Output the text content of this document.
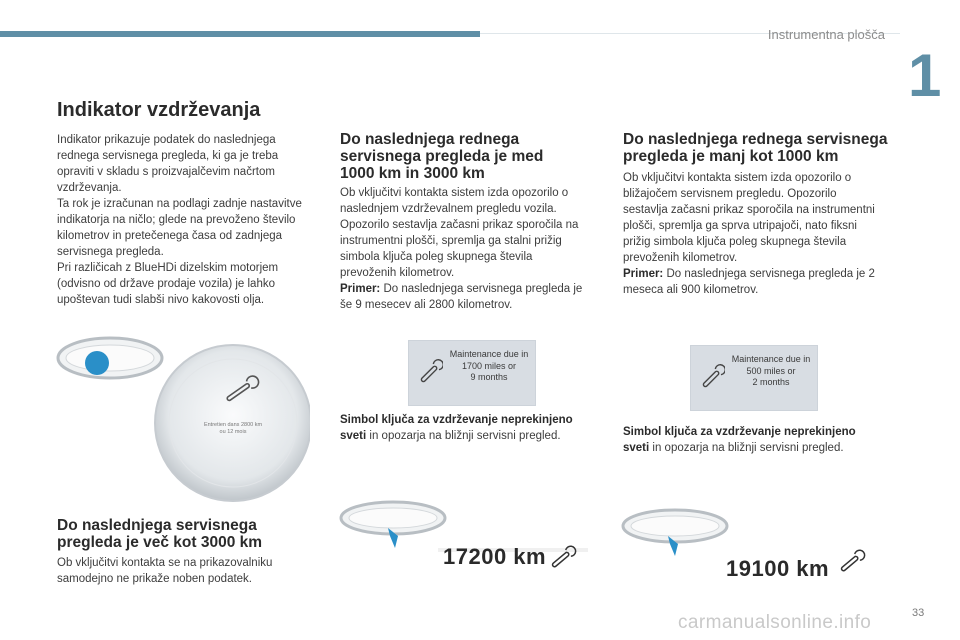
Instrumentna plošča
1
33
carmanualsonline.info
Indikator vzdrževanja

Indikator prikazuje podatek do naslednjega rednega servisnega pregleda, ki ga je treba opraviti v skladu s proizvajalčevim načrtom vzdrževanja.

Ta rok je izračunan na podlagi zadnje nastavitve indikatorja na ničlo; glede na prevoženo število kilometrov in pretečenega časa od zadnjega servisnega pregleda.

Pri različicah z BlueHDi dizelskim motorjem (odvisno od države prodaje vozila) je lahko upoštevan tudi slabši nivo kakovosti olja.

Entretien dans 2800 km
ou 12 mois
Do naslednjega servisnega pregleda je več kot 3000 km
Ob vključitvi kontakta se na prikazovalniku samodejno ne prikaže noben podatek.
Do naslednjega rednega servisnega pregleda je med 1000 km in 3000 km

Ob vključitvi kontakta sistem izda opozorilo o naslednjem vzdrževalnem pregledu vozila. Opozorilo sestavlja začasni prikaz sporočila na instrumentni plošči, spremlja ga stalni prižig simbola ključa poleg skupnega števila prevoženih kilometrov.

Primer: Do naslednjega servisnega pregleda je še 9 mesecev ali 2800 kilometrov.

Maintenance due in
1700 miles or
9 months
Simbol ključa za vzdrževanje neprekinjeno sveti in opozarja na bližnji servisni pregled.
17200 km
Do naslednjega rednega servisnega pregleda je manj kot 1000 km

Ob vključitvi kontakta sistem izda opozorilo o bližajočem servisnem pregledu. Opozorilo sestavlja začasni prikaz sporočila na instrumentni plošči, spremlja ga sprva utripajoči, nato fiksni prižig simbola ključa poleg skupnega števila prevoženih kilometrov.

Primer: Do naslednjega servisnega pregleda je 2 meseca ali 900 kilometrov.

Maintenance due in
500 miles or
2 months
Simbol ključa za vzdrževanje neprekinjeno sveti in opozarja na bližnji servisni pregled.
19100 km
